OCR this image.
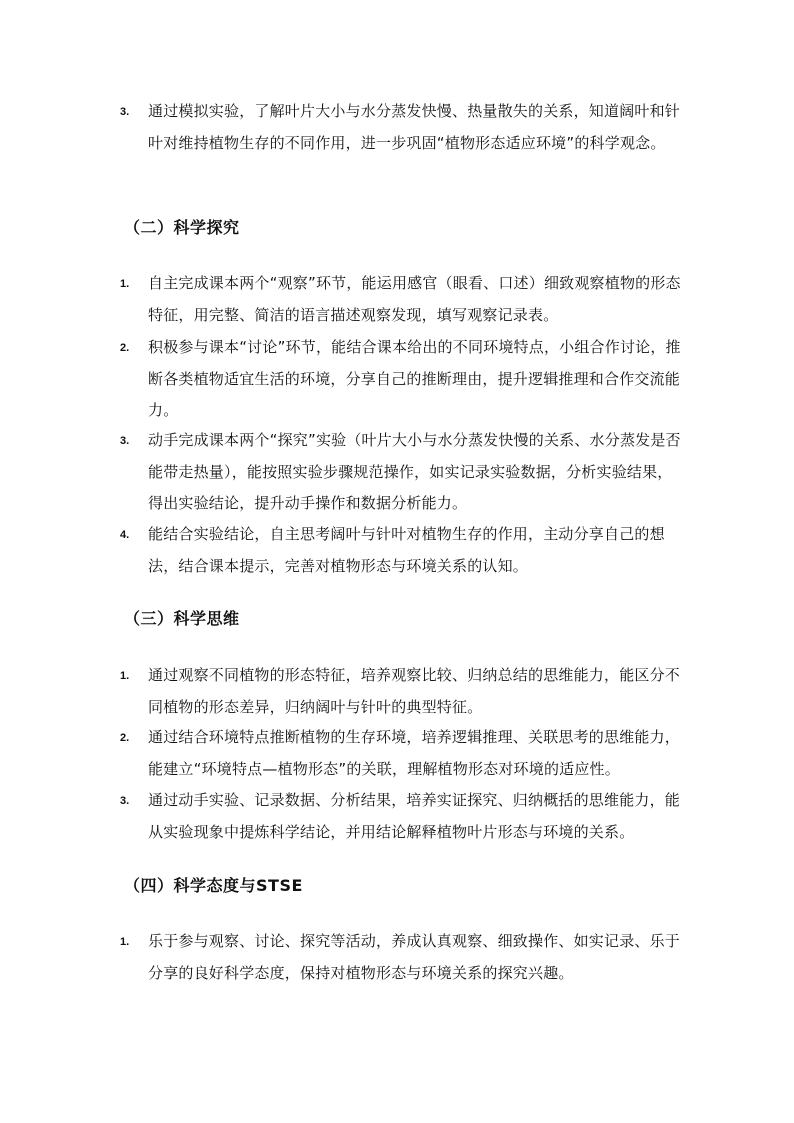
3. 通过模拟实验，了解叶片大小与水分蒸发快慢、热量散失的关系，知道阔叶和针叶对维持植物生存的不同作用，进一步巩固“植物形态适应环境”的科学观念。
（二）科学探究
1. 自主完成课本两个“观察”环节，能运用感官（眼看、口述）细致观察植物的形态特征，用完整、简洁的语言描述观察发现，填写观察记录表。
2. 积极参与课本“讨论”环节，能结合课本给出的不同环境特点，小组合作讨论，推断各类植物适宜生活的环境，分享自己的推断理由，提升逻辑推理和合作交流能力。
3. 动手完成课本两个“探究”实验（叶片大小与水分蒸发快慢的关系、水分蒸发是否能带走热量），能按照实验步骤规范操作，如实记录实验数据，分析实验结果，得出实验结论，提升动手操作和数据分析能力。
4. 能结合实验结论，自主思考阔叶与针叶对植物生存的作用，主动分享自己的想法，结合课本提示，完善对植物形态与环境关系的认知。
（三）科学思维
1. 通过观察不同植物的形态特征，培养观察比较、归纳总结的思维能力，能区分不同植物的形态差异，归纳阔叶与针叶的典型特征。
2. 通过结合环境特点推断植物的生存环境，培养逻辑推理、关联思考的思维能力，能建立“环境特点—植物形态”的关联，理解植物形态对环境的适应性。
3. 通过动手实验、记录数据、分析结果，培养实证探究、归纳概括的思维能力，能从实验现象中提炼科学结论，并用结论解释植物叶片形态与环境的关系。
（四）科学态度与STSE
1. 乐于参与观察、讨论、探究等活动，养成认真观察、细致操作、如实记录、乐于分享的良好科学态度，保持对植物形态与环境关系的探究兴趣。
